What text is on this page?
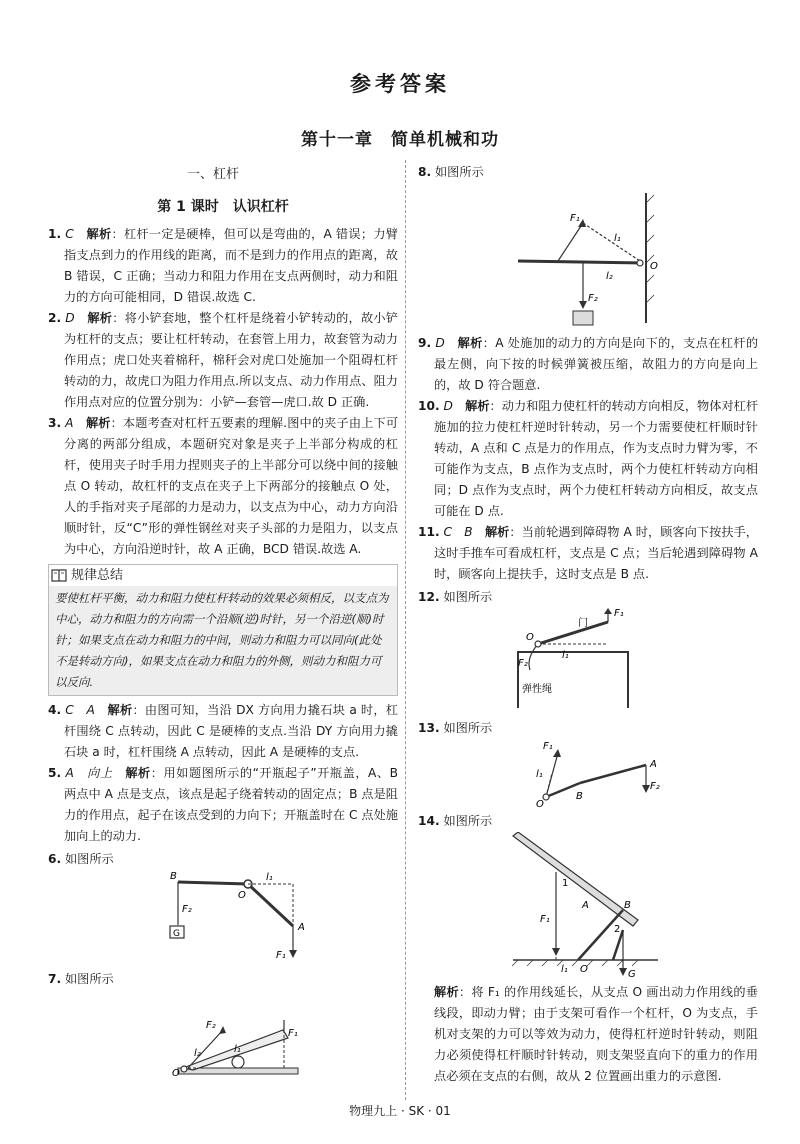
参考答案
第十一章　简单机械和功
一、杠杆
第 1 课时　认识杠杆

1. C　 解析：杠杆一定是硬棒，但可以是弯曲的，A 错误；力臂指支点到力的作用线的距离，而不是到力的作用点的距离，故 B 错误，C 正确；当动力和阻力作用在支点两侧时，动力和阻力的方向可能相同，D 错误.故选 C.

2. D　 解析：将小铲套地，整个杠杆是绕着小铲转动的，故小铲为杠杆的支点；要让杠杆转动，在套管上用力，故套管为动力作用点；虎口处夹着棉秆，棉秆会对虎口处施加一个阻碍杠杆转动的力，故虎口为阻力作用点.所以支点、动力作用点、阻力作用点对应的位置分别为：小铲—套管—虎口.故 D 正确.

3. A　 解析：本题考查对杠杆五要素的理解.图中的夹子由上下可分离的两部分组成，本题研究对象是夹子上半部分构成的杠杆，使用夹子时手用力捏则夹子的上半部分可以绕中间的接触点 O 转动，故杠杆的支点在夹子上下两部分的接触点 O 处，人的手指对夹子尾部的力是动力，以支点为中心，动力方向沿顺时针，反“C”形的弹性钢丝对夹子头部的力是阻力，以支点为中心，方向沿逆时针，故 A 正确，BCD 错误.故选 A.

规律总结
要使杠杆平衡，动力和阻力使杠杆转动的效果必须相反，以支点为中心，动力和阻力的方向需一个沿顺(逆)时针，另一个沿逆(顺)时针；如果支点在动力和阻力的中间，则动力和阻力可以同向(此处不是转动方向)，如果支点在动力和阻力的外侧，则动力和阻力可以反向.

4. C　A　 解析：由图可知，当沿 DX 方向用力撬石块 a 时，杠杆围绕 C 点转动，因此 C 是硬棒的支点.当沿 DY 方向用力撬石块 a 时，杠杆围绕 A 点转动，因此 A 是硬棒的支点.

5. A　向上　 解析：用如题图所示的“开瓶起子”开瓶盖，A、B 两点中 A 点是支点，该点是起子绕着转动的固定点；B 点是阻力的作用点，起子在该点受到的力向下；开瓶盖时在 C 点处施加向上的动力.

6. 如图所示

B
F₂
G
O
l₁
A
F₁

7. 如图所示

F₂
l₂	l₁
F₁
O

8. 如图所示

F₁
l₁
l₂
O
F₂

9. D　 解析：A 处施加的动力的方向是向下的，支点在杠杆的最左侧，向下按的时候弹簧被压缩，故阻力的方向是向上的，故 D 符合题意.

10. D　 解析：动力和阻力使杠杆的转动方向相反，物体对杠杆施加的拉力使杠杆逆时针转动，另一个力需要使杠杆顺时针转动，A 点和 C 点是力的作用点，作为支点时力臂为零，不可能作为支点，B 点作为支点时，两个力使杠杆转动方向相同；D 点作为支点时，两个力使杠杆转动方向相反，故支点可能在 D 点.

11. C　B　 解析：当前轮遇到障碍物 A 时，顾客向下按扶手，这时手推车可看成杠杆，支点是 C 点；当后轮遇到障碍物 A 时，顾客向上提扶手，这时支点是 B 点.

12. 如图所示

F₁
门
O
F₂
l₁
弹性绳

13. 如图所示

F₁
l₁
O
B
A
F₂

14. 如图所示

1
F₁
A	B
2
l₁ O	G

解析：将 F₁ 的作用线延长，从支点 O 画出动力作用线的垂线段，即动力臂；由于支架可看作一个杠杆，O 为支点，手机对支架的力可以等效为动力，使得杠杆逆时针转动，则阻力必须使得杠杆顺时针转动，则支架竖直向下的重力的作用点必须在支点的右侧，故从 2 位置画出重力的示意图.

物理九上 · SK · 01
